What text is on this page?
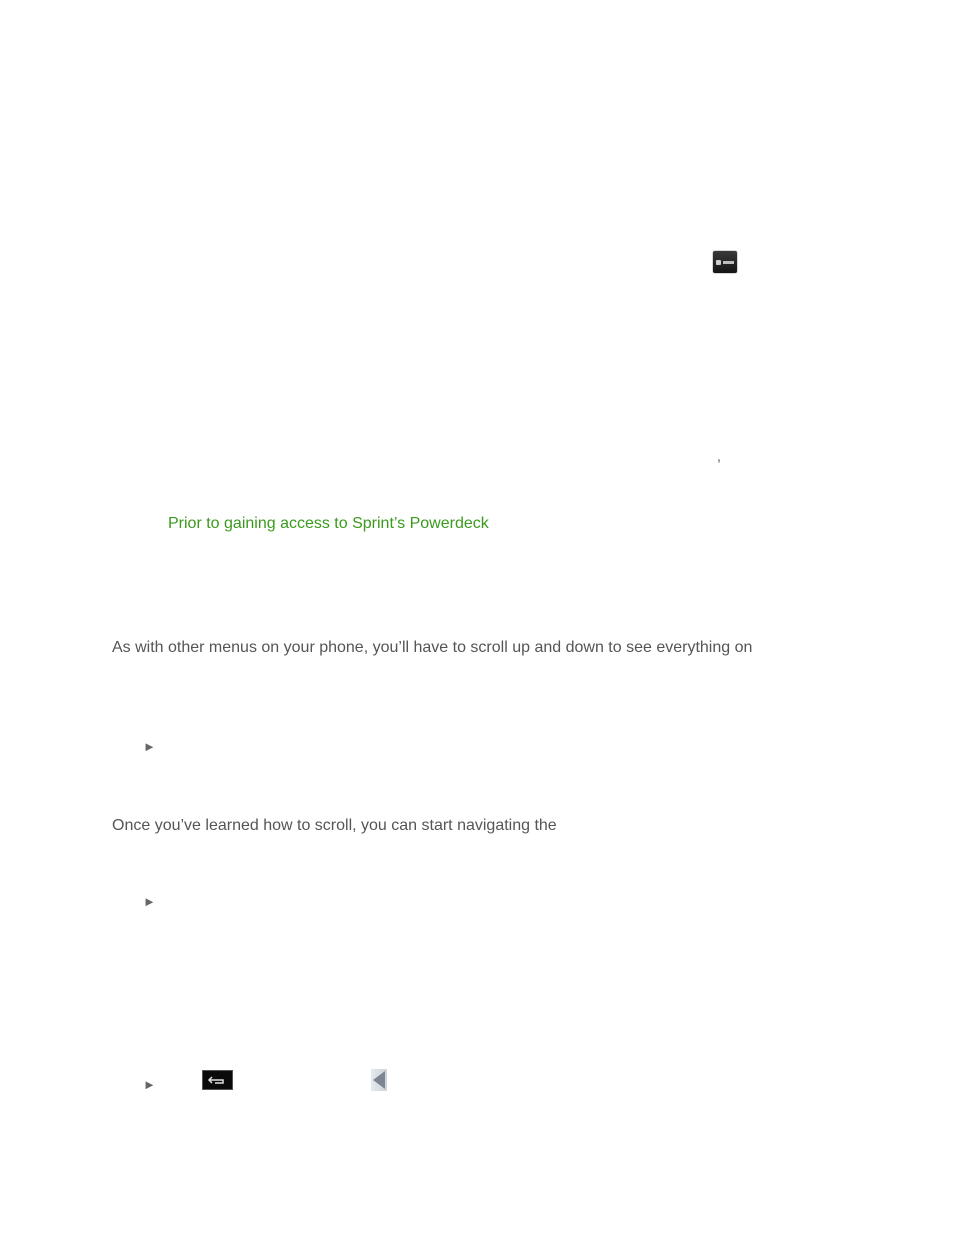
,
Prior to gaining access to Sprint’s Powerdeck
As with other menus on your phone, you’ll have to scroll up and down to see everything on
►
Once you’ve learned how to scroll, you can start navigating the
►
►
